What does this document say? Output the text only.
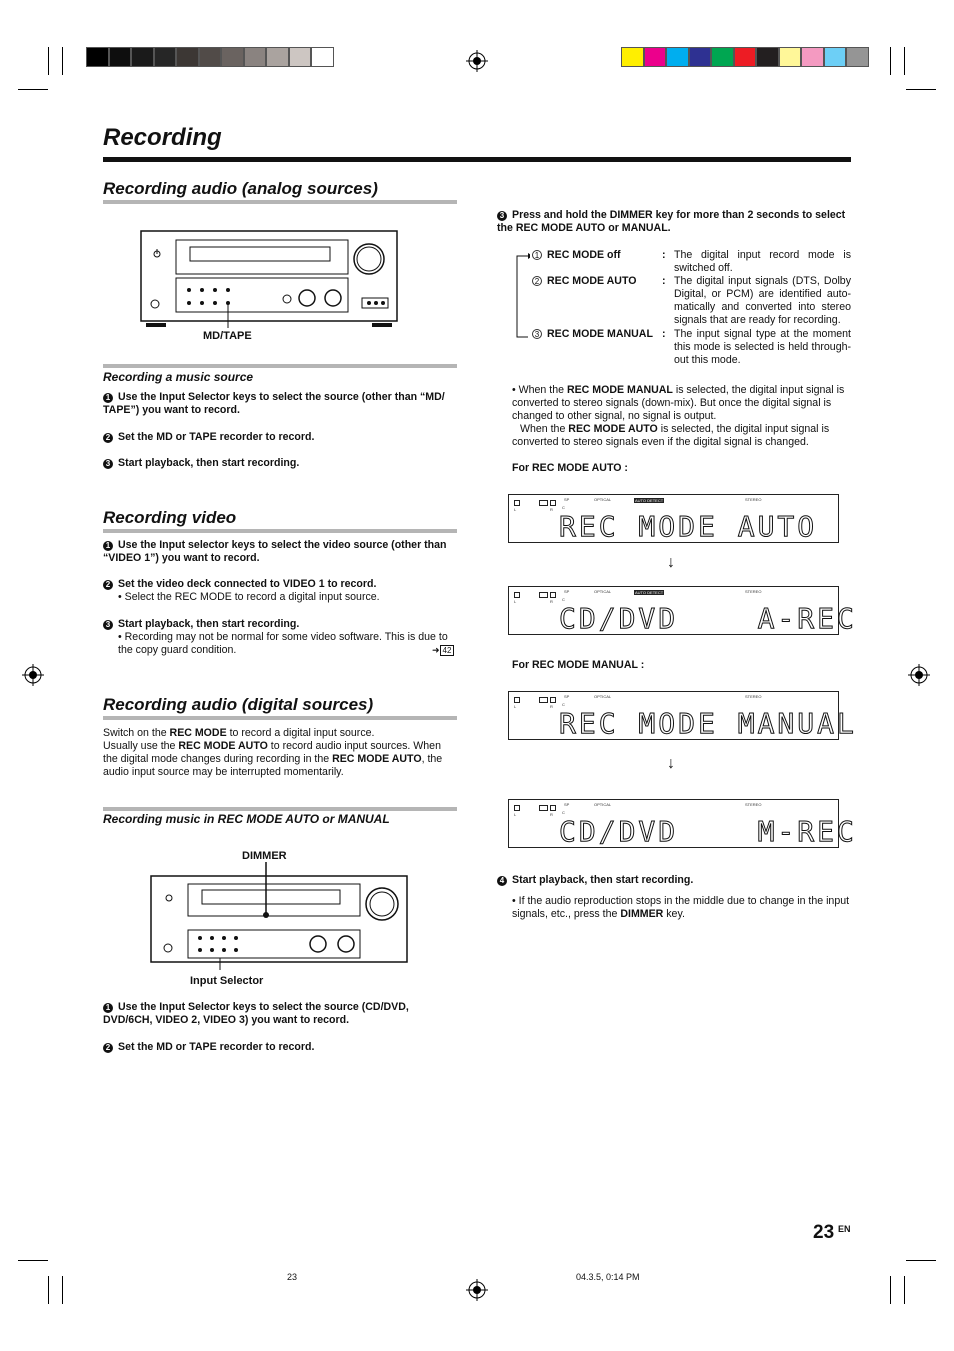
Recording
Recording audio (analog sources)
MD/TAPE
Recording a music source
1 Use the Input Selector keys to select the source (other than “MD/ TAPE”) you want to record.
2 Set the MD or TAPE recorder to record.
3 Start playback, then start recording.
Recording video
1 Use the Input selector keys to select the video source (other than “VIDEO 1”) you want to record.
2 Set the video deck connected to VIDEO 1 to record.
• Select the REC MODE to record a digital input source.
3 Start playback, then start recording.
• Recording may not be normal for some video software. This is due to the copy guard condition.	➜ 42
Recording audio (digital sources)
Switch on the REC MODE to record a digital input source.
Usually use the REC MODE AUTO to record audio input sources. When the digital mode changes during recording in the REC MODE AUTO, the audio input source may be interrupted momentarily.
Recording music in REC MODE AUTO or MANUAL
DIMMER
Input Selector
1 Use the Input Selector keys to select the source (CD/DVD, DVD/6CH, VIDEO 2, VIDEO 3) you want to record.
2 Set the MD or TAPE recorder to record.
3 Press and hold the DIMMER key for more than 2 seconds to select the REC MODE AUTO or MANUAL.
1 REC MODE off	: The digital input record mode is switched off.
2 REC MODE AUTO : The digital input signals (DTS, Dolby Digital, or PCM) are identified auto-matically and converted into stereo signals that are ready for recording.
3 REC MODE MANUAL : The input signal type at the moment this mode is selected is held through-out this mode.
• When the REC MODE MANUAL is selected, the digital input signal is converted to stereo signals (down-mix). But once the digital signal is changed to other signal, no signal is output.
When the REC MODE AUTO is selected, the digital input signal is converted to stereo signals even if the digital signal is changed.
For REC MODE AUTO :
L	R C
SP	OPTICAL	AUTO DETECT	STEREO
REC MODE AUTO
↓
L	R C
SP	OPTICAL	AUTO DETECT	STEREO
CD/DVD    A-REC
For REC MODE MANUAL :
L	R C
SP	OPTICAL	STEREO
REC MODE MANUAL
↓
L	R C
SP	OPTICAL	STEREO
CD/DVD    M-REC
4 Start playback, then start recording.
• If the audio reproduction stops in the middle due to change in the input signals, etc., press the DIMMER key.
23 EN
23	04.3.5, 0:14 PM
